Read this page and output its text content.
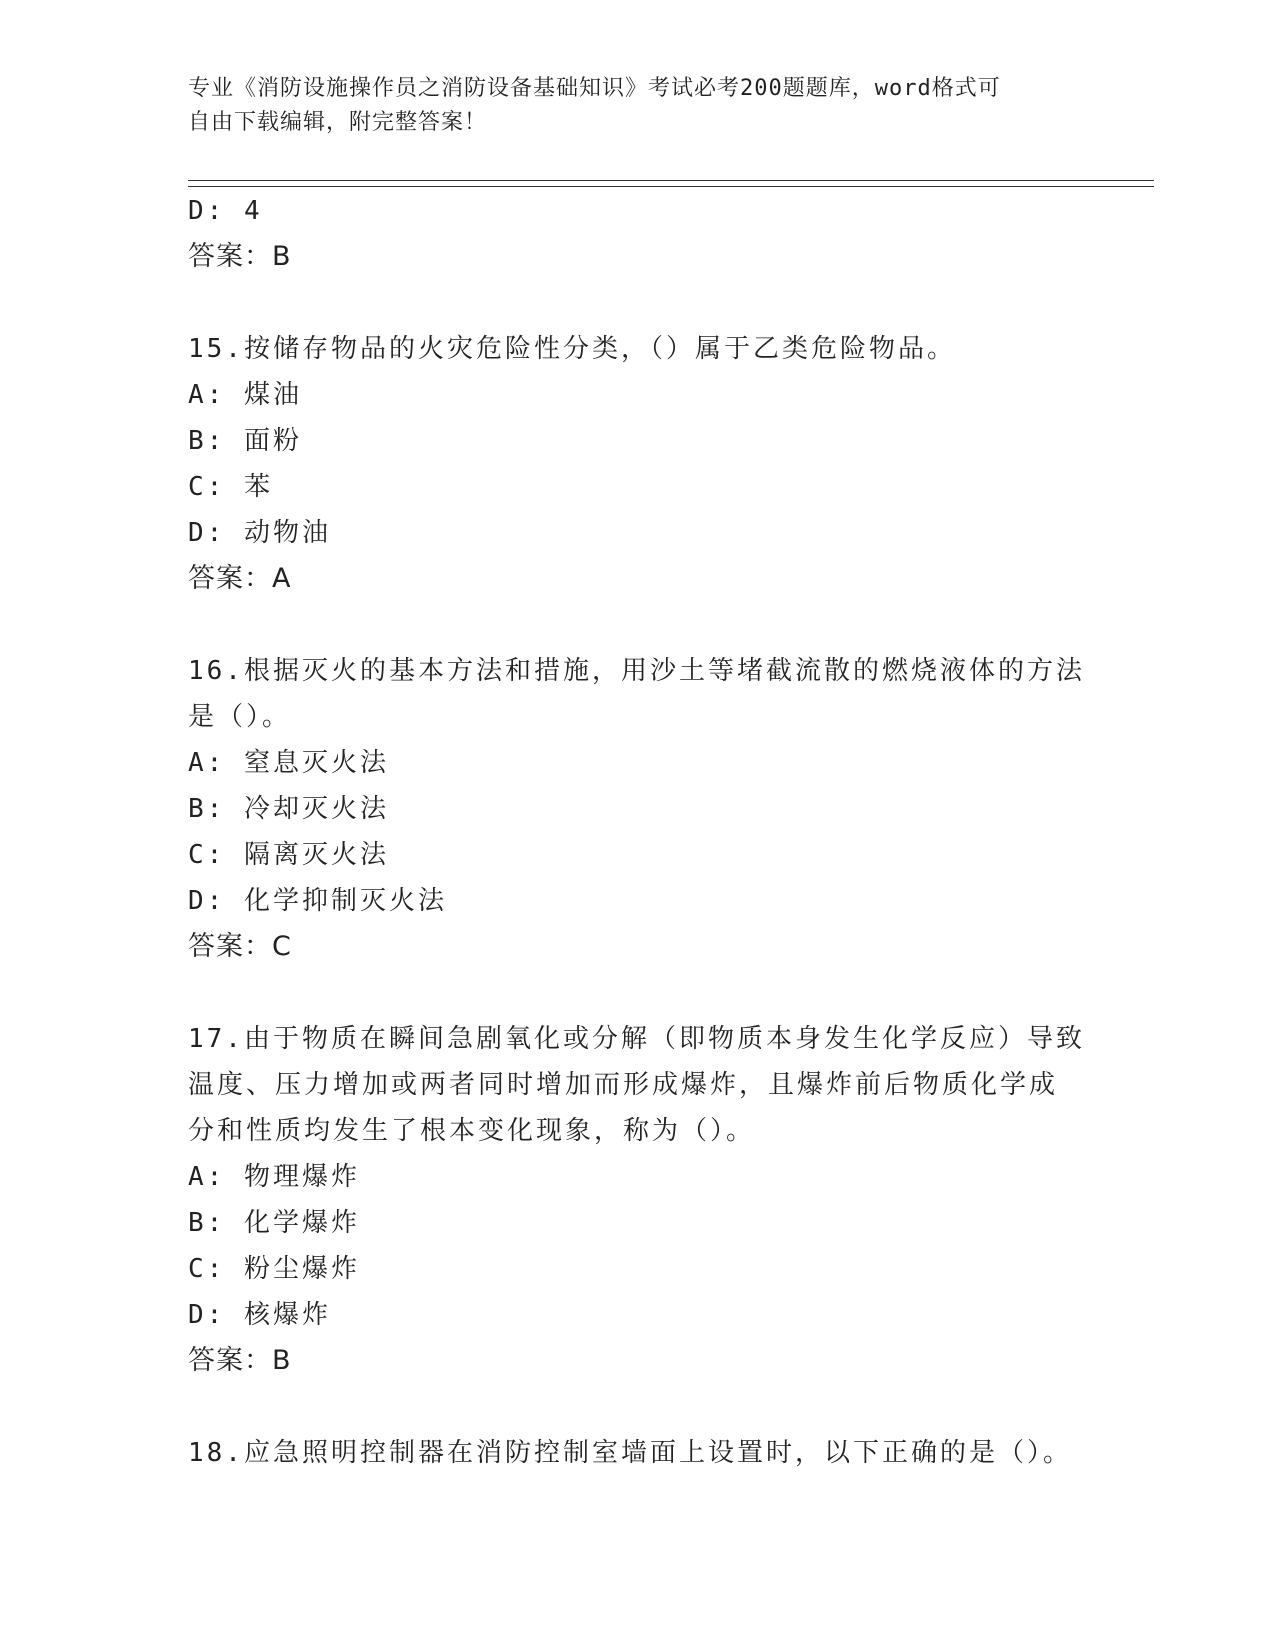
专业《消防设施操作员之消防设备基础知识》考试必考200题题库，word格式可
自由下载编辑，附完整答案！
D: 4
答案：B
15.按储存物品的火灾危险性分类，（）属于乙类危险物品。
A: 煤油
B: 面粉
C: 苯
D: 动物油
答案：A
16.根据灭火的基本方法和措施，用沙土等堵截流散的燃烧液体的方法
是（）。
A: 窒息灭火法
B: 冷却灭火法
C: 隔离灭火法
D: 化学抑制灭火法
答案：C
17.由于物质在瞬间急剧氧化或分解（即物质本身发生化学反应）导致
温度、压力增加或两者同时增加而形成爆炸，且爆炸前后物质化学成
分和性质均发生了根本变化现象，称为（）。
A: 物理爆炸
B: 化学爆炸
C: 粉尘爆炸
D: 核爆炸
答案：B
18.应急照明控制器在消防控制室墙面上设置时，以下正确的是（）。
